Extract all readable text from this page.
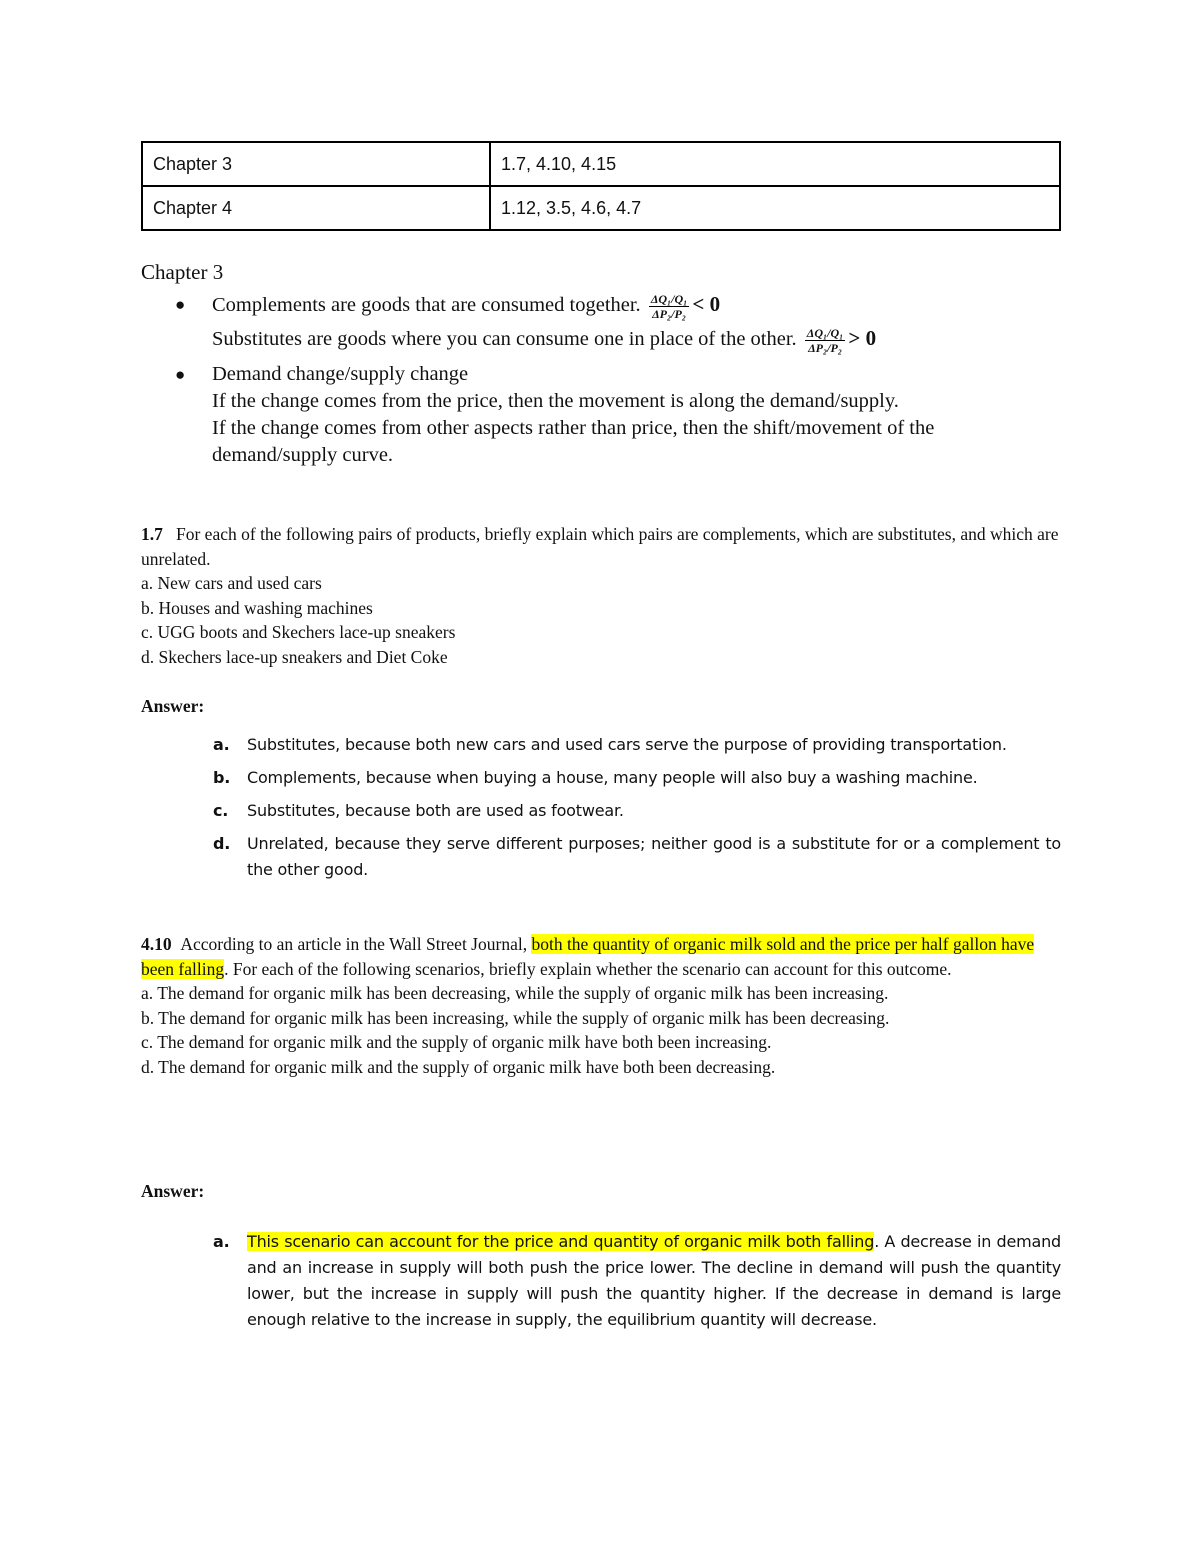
Chapter 3	1.7, 4.10, 4.15
Chapter 4	1.12, 3.5, 4.6, 4.7
Chapter 3
● Complements are goods that are consumed together. $\frac{\text{ΔQ₁/Q₁}}{\text{ΔP₂/P₂}} < 0$
Substitutes are goods where you can consume one in place of the other. $\frac{\text{ΔQ₁/Q₁}}{\text{ΔP₂/P₂}} > 0$
● Demand change/supply change
If the change comes from the price, then the movement is along the demand/supply.
If the change comes from other aspects rather than price, then the shift/movement of the demand/supply curve.
1.7 For each of the following pairs of products, briefly explain which pairs are complements, which are substitutes, and which are unrelated.
a. New cars and used cars
b. Houses and washing machines
c. UGG boots and Skechers lace-up sneakers
d. Skechers lace-up sneakers and Diet Coke
Answer:
a. Substitutes, because both new cars and used cars serve the purpose of providing transportation.
b. Complements, because when buying a house, many people will also buy a washing machine.
c. Substitutes, because both are used as footwear.
d. Unrelated, because they serve different purposes; neither good is a substitute for or a complement to the other good.
4.10 According to an article in the Wall Street Journal, both the quantity of organic milk sold and the price per half gallon have been falling. For each of the following scenarios, briefly explain whether the scenario can account for this outcome.
a. The demand for organic milk has been decreasing, while the supply of organic milk has been increasing.
b. The demand for organic milk has been increasing, while the supply of organic milk has been decreasing.
c. The demand for organic milk and the supply of organic milk have both been increasing.
d. The demand for organic milk and the supply of organic milk have both been decreasing.
Answer:
a. This scenario can account for the price and quantity of organic milk both falling. A decrease in demand and an increase in supply will both push the price lower. The decline in demand will push the quantity lower, but the increase in supply will push the quantity higher. If the decrease in demand is large enough relative to the increase in supply, the equilibrium quantity will decrease.
